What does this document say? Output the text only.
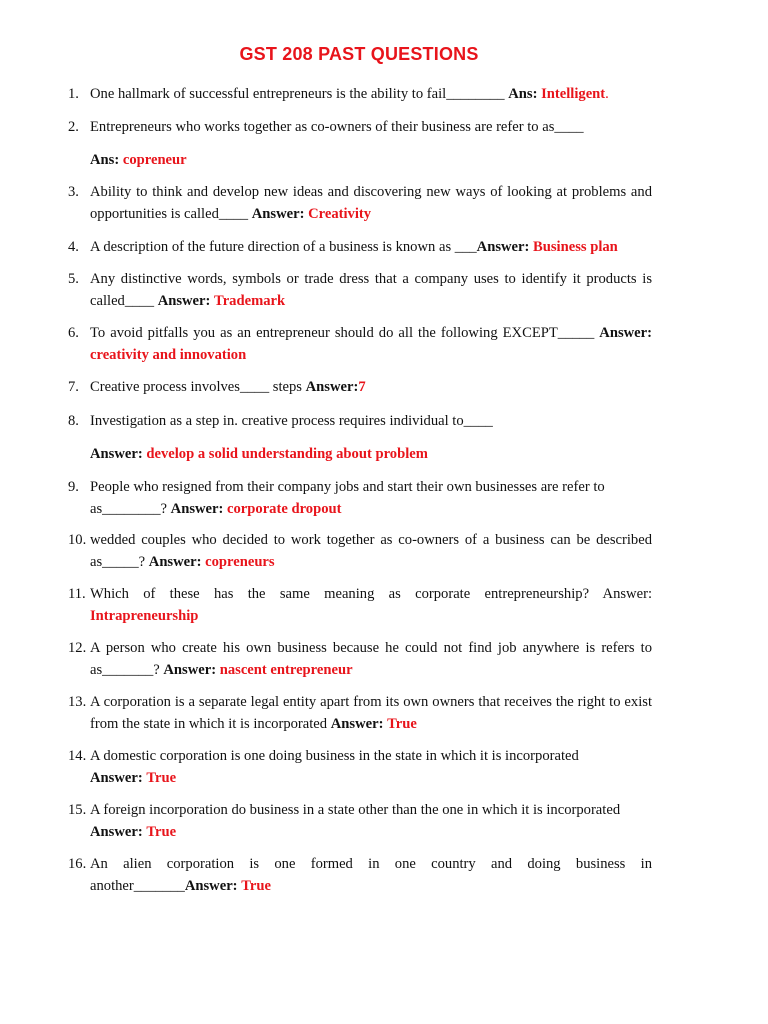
GST 208 PAST QUESTIONS
1. One hallmark of successful entrepreneurs is the ability to fail________ Ans: Intelligent.
2. Entrepreneurs who works together as co-owners of their business are refer to as____
Ans: copreneur
3. Ability to think and develop new ideas and discovering new ways of looking at problems and opportunities is called____ Answer: Creativity
4. A description of the future direction of a business is known as ___Answer: Business plan
5. Any distinctive words, symbols or trade dress that a company uses to identify it products is called____ Answer: Trademark
6. To avoid pitfalls you as an entrepreneur should do all the following EXCEPT_____ Answer: creativity and innovation
7. Creative process involves____ steps Answer:7
8. Investigation as a step in. creative process requires individual to____
Answer: develop a solid understanding about problem
9. People who resigned from their company jobs and start their own businesses are refer to as________? Answer: corporate dropout
10. wedded couples who decided to work together as co-owners of a business can be described as_____? Answer: copreneurs
11. Which of these has the same meaning as corporate entrepreneurship? Answer:
Intrapreneurship
12. A person who create his own business because he could not find job anywhere is refers to as_______? Answer: nascent entrepreneur
13. A corporation is a separate legal entity apart from its own owners that receives the right to exist from the state in which it is incorporated Answer: True
14. A domestic corporation is one doing business in the state in which it is incorporated
Answer: True
15. A foreign incorporation do business in a state other than the one in which it is incorporated
Answer: True
16. An alien corporation is one formed in one country and doing business in another_______Answer: True
